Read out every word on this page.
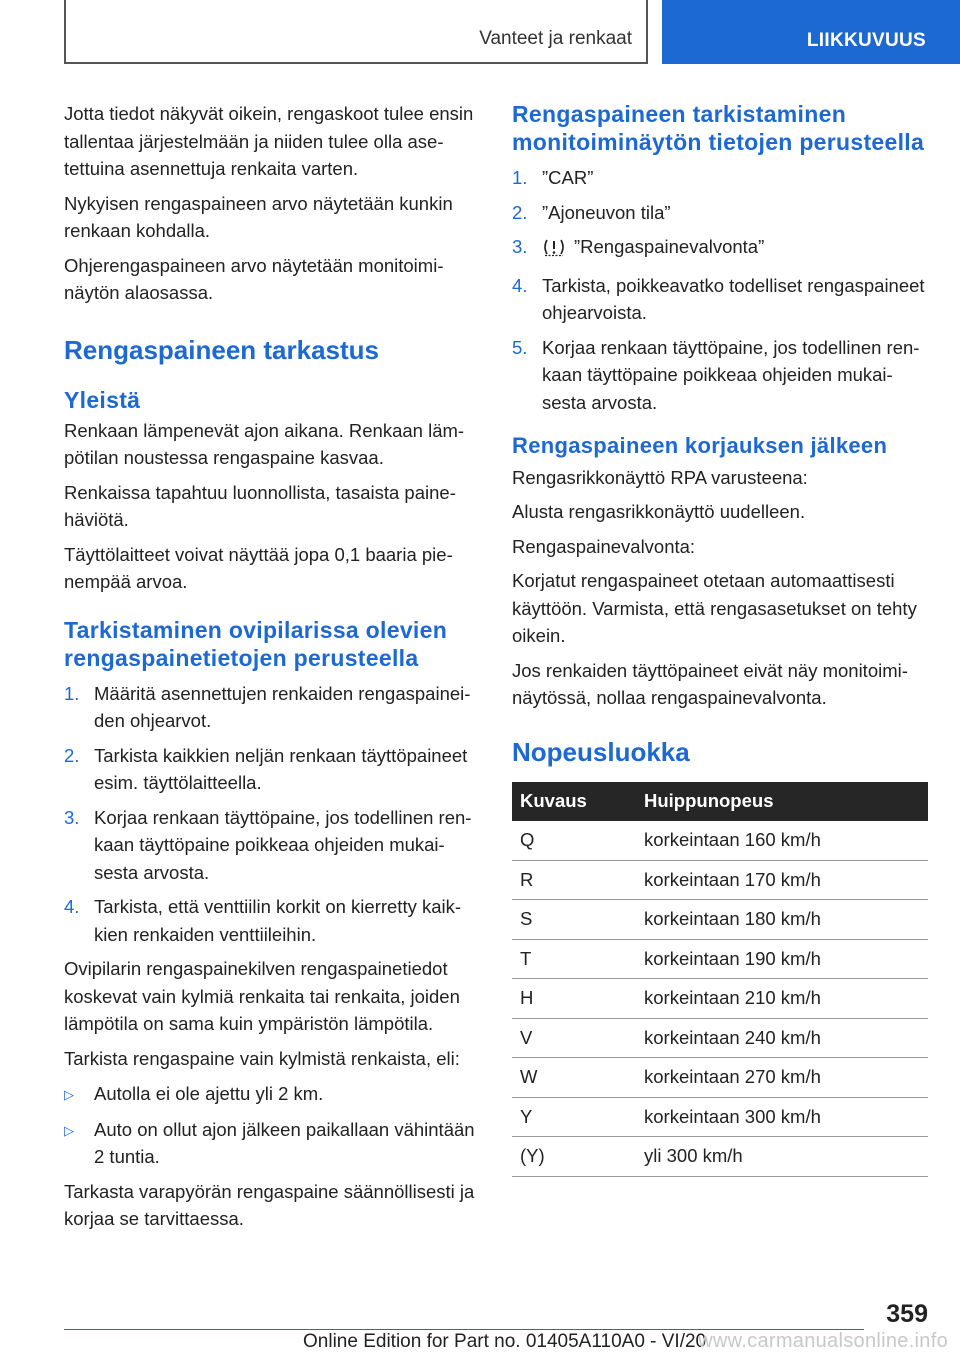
Vanteet ja renkaat	LIIKKUVUUS

Jotta tiedot näkyvät oikein, rengaskoot tulee ensin tallentaa järjestelmään ja niiden tulee olla asetettuina asennettuja renkaita varten.

Nykyisen rengaspaineen arvo näytetään kunkin renkaan kohdalla.

Ohjerengaspaineen arvo näytetään monitoiminäytön alaosassa.

Rengaspaineen tarkastus
Yleistä

Renkaan lämpenevät ajon aikana. Renkaan lämpötilan noustessa rengaspaine kasvaa.

Renkaissa tapahtuu luonnollista, tasaista painehäviötä.

Täyttölaitteet voivat näyttää jopa 0,1 baaria pienempää arvoa.

Tarkistaminen ovipilarissa olevien rengaspainetietojen perusteella
1. Määritä asennettujen renkaiden rengaspaineiden ohjearvot.
2. Tarkista kaikkien neljän renkaan täyttöpaineet esim. täyttölaitteella.
3. Korjaa renkaan täyttöpaine, jos todellinen renkaan täyttöpaine poikkeaa ohjeiden mukaisesta arvosta.
4. Tarkista, että venttiilin korkit on kierretty kaikkien renkaiden venttiileihin.

Ovipilarin rengaspainekilven rengaspainetiedot koskevat vain kylmiä renkaita tai renkaita, joiden lämpötila on sama kuin ympäristön lämpötila.

Tarkista rengaspaine vain kylmistä renkaista, eli:

▷	Autolla ei ole ajettu yli 2 km.
▷	Auto on ollut ajon jälkeen paikallaan vähintään 2 tuntia.

Tarkasta varapyörän rengaspaine säännöllisesti ja korjaa se tarvittaessa.

Rengaspaineen tarkistaminen monitoiminäytön tietojen perusteella
1. ”CAR”
2. ”Ajoneuvon tila”
3.	”Rengaspainevalvonta”
4. Tarkista, poikkeavatko todelliset rengaspaineet ohjearvoista.
5. Korjaa renkaan täyttöpaine, jos todellinen renkaan täyttöpaine poikkeaa ohjeiden mukaisesta arvosta.
Rengaspaineen korjauksen jälkeen

Rengasrikkonäyttö RPA varusteena:

Alusta rengasrikkonäyttö uudelleen.

Rengaspainevalvonta:

Korjatut rengaspaineet otetaan automaattisesti käyttöön. Varmista, että rengasasetukset on tehty oikein.

Jos renkaiden täyttöpaineet eivät näy monitoiminäytössä, nollaa rengaspainevalvonta.

Nopeusluokka
Kuvaus	Huippunopeus
Q	korkeintaan 160 km/h
R	korkeintaan 170 km/h
S	korkeintaan 180 km/h
T	korkeintaan 190 km/h
H	korkeintaan 210 km/h
V	korkeintaan 240 km/h
W	korkeintaan 270 km/h
Y	korkeintaan 300 km/h
(Y)	yli 300 km/h
359
Online Edition for Part no. 01405A110A0 - VI/20
www.carmanualsonline.info
